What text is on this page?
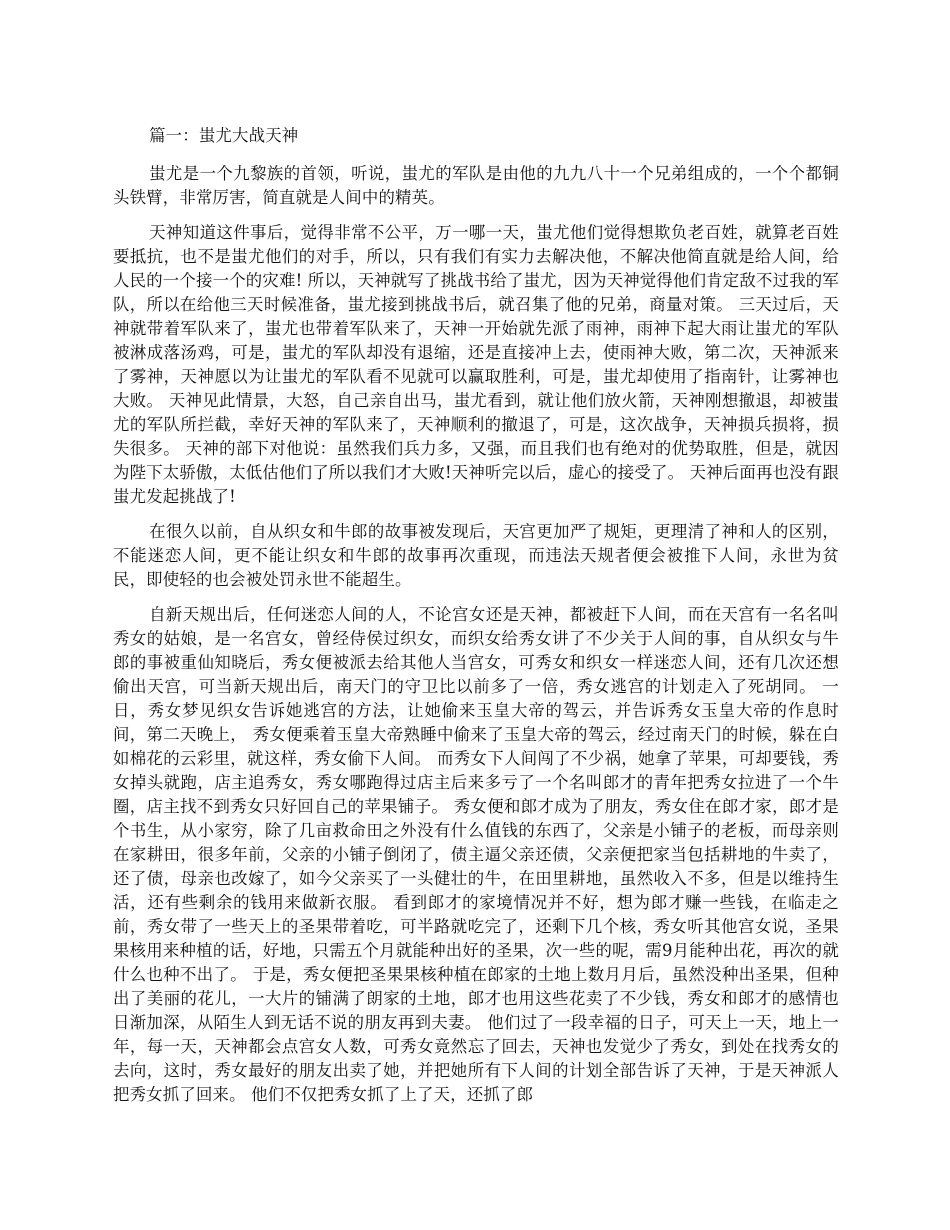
篇一：蚩尤大战天神

蚩尤是一个九黎族的首领，听说，蚩尤的军队是由他的九九八十一个兄弟组成的，一个个都铜头铁臂，非常厉害，简直就是人间中的精英。

天神知道这件事后，觉得非常不公平，万一哪一天，蚩尤他们觉得想欺负老百姓，就算老百姓要抵抗，也不是蚩尤他们的对手，所以，只有我们有实力去解决他，不解决他简直就是给人间，给人民的一个接一个的灾难! 所以，天神就写了挑战书给了蚩尤，因为天神觉得他们肯定敌不过我的军队，所以在给他三天时候准备，蚩尤接到挑战书后，就召集了他的兄弟，商量对策。 三天过后，天神就带着军队来了，蚩尤也带着军队来了，天神一开始就先派了雨神，雨神下起大雨让蚩尤的军队被淋成落汤鸡，可是，蚩尤的军队却没有退缩，还是直接冲上去，使雨神大败，第二次，天神派来了雾神，天神愿以为让蚩尤的军队看不见就可以赢取胜利，可是，蚩尤却使用了指南针，让雾神也大败。 天神见此情景，大怒，自己亲自出马，蚩尤看到，就让他们放火箭，天神刚想撤退，却被蚩尤的军队所拦截，幸好天神的军队来了，天神顺利的撤退了，可是，这次战争，天神损兵损将，损失很多。 天神的部下对他说：虽然我们兵力多，又强，而且我们也有绝对的优势取胜，但是，就因为陛下太骄傲，太低估他们了所以我们才大败!天神听完以后，虚心的接受了。 天神后面再也没有跟蚩尤发起挑战了!

在很久以前，自从织女和牛郎的故事被发现后，天宫更加严了规矩，更理清了神和人的区别，不能迷恋人间，更不能让织女和牛郎的故事再次重现，而违法天规者便会被推下人间，永世为贫民，即使轻的也会被处罚永世不能超生。

自新天规出后，任何迷恋人间的人，不论宫女还是天神，都被赶下人间，而在天宫有一名名叫秀女的姑娘，是一名宫女，曾经侍侯过织女，而织女给秀女讲了不少关于人间的事，自从织女与牛郎的事被重仙知晓后，秀女便被派去给其他人当宫女，可秀女和织女一样迷恋人间，还有几次还想偷出天宫，可当新天规出后，南天门的守卫比以前多了一倍，秀女逃宫的计划走入了死胡同。 一日，秀女梦见织女告诉她逃宫的方法，让她偷来玉皇大帝的驾云，并告诉秀女玉皇大帝的作息时间，第二天晚上， 秀女便乘着玉皇大帝熟睡中偷来了玉皇大帝的驾云，经过南天门的时候，躲在白如棉花的云彩里，就这样，秀女偷下人间。 而秀女下人间闯了不少祸，她拿了苹果，可却要钱，秀女掉头就跑，店主追秀女，秀女哪跑得过店主后来多亏了一个名叫郎才的青年把秀女拉进了一个牛圈，店主找不到秀女只好回自己的苹果铺子。 秀女便和郎才成为了朋友，秀女住在郎才家，郎才是个书生，从小家穷，除了几亩救命田之外没有什么值钱的东西了，父亲是小铺子的老板，而母亲则在家耕田，很多年前，父亲的小铺子倒闭了，债主逼父亲还债，父亲便把家当包括耕地的牛卖了，还了债，母亲也改嫁了，如今父亲买了一头健壮的牛，在田里耕地，虽然收入不多，但是以维持生活，还有些剩余的钱用来做新衣服。 看到郎才的家境情况并不好，想为郎才赚一些钱，在临走之前，秀女带了一些天上的圣果带着吃，可半路就吃完了，还剩下几个核，秀女听其他宫女说，圣果果核用来种植的话，好地，只需五个月就能种出好的圣果，次一些的呢，需9月能种出花，再次的就什么也种不出了。 于是，秀女便把圣果果核种植在郎家的土地上数月月后，虽然没种出圣果，但种出了美丽的花儿，一大片的铺满了朗家的土地，郎才也用这些花卖了不少钱，秀女和郎才的感情也日渐加深，从陌生人到无话不说的朋友再到夫妻。 他们过了一段幸福的日子，可天上一天，地上一年，每一天，天神都会点宫女人数，可秀女竟然忘了回去，天神也发觉少了秀女，到处在找秀女的去向，这时，秀女最好的朋友出卖了她，并把她所有下人间的计划全部告诉了天神，于是天神派人把秀女抓了回来。 他们不仅把秀女抓了上了天，还抓了郎
